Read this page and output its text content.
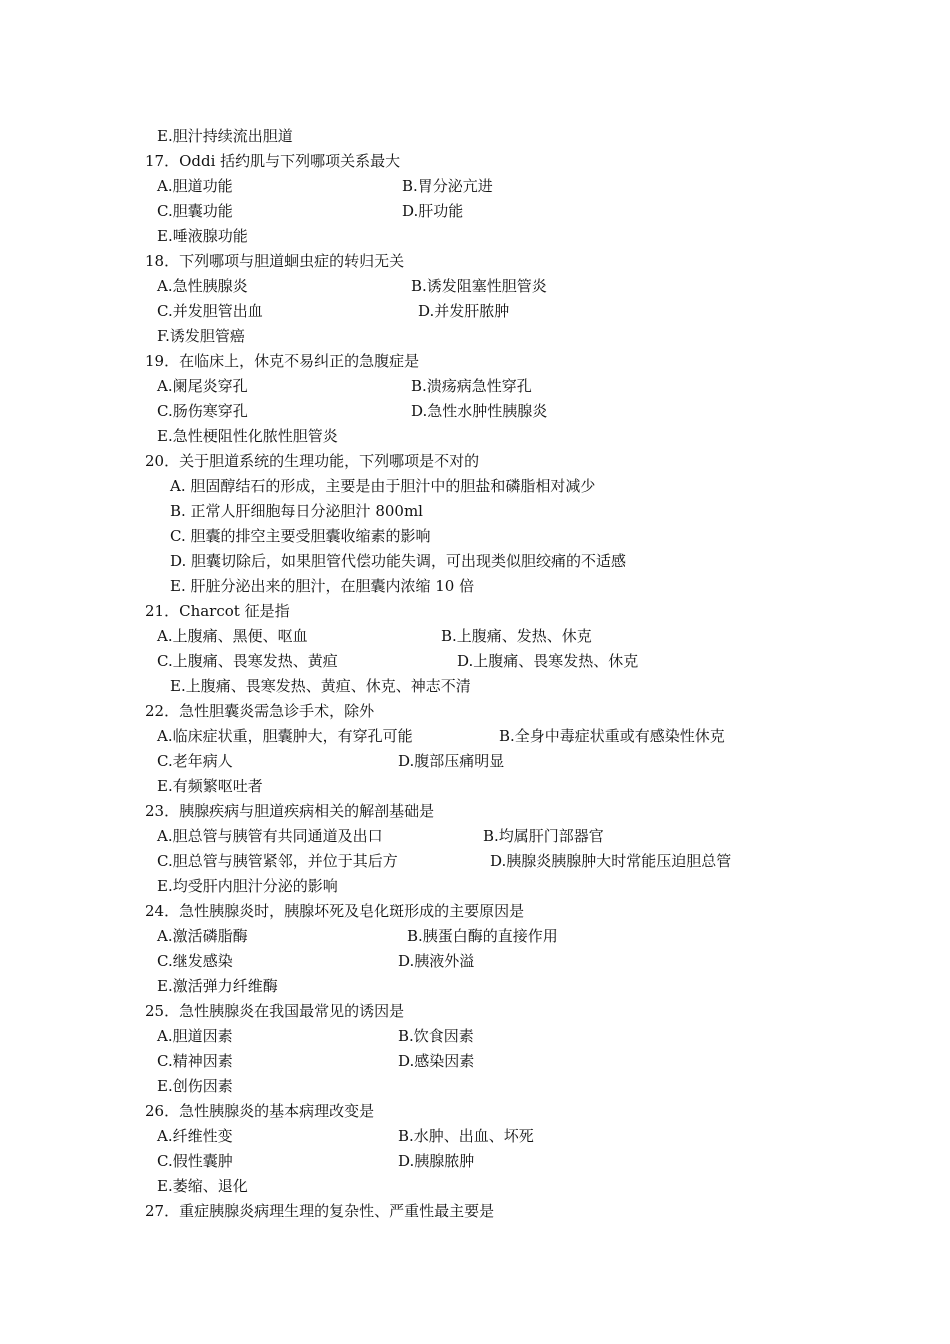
E.胆汁持续流出胆道
17．Oddi 括约肌与下列哪项关系最大
A.胆道功能	B.胃分泌亢进
C.胆囊功能	D.肝功能
E.唾液腺功能
18．下列哪项与胆道蛔虫症的转归无关
A.急性胰腺炎	B.诱发阻塞性胆管炎
C.并发胆管出血	D.并发肝脓肿
F.诱发胆管癌
19．在临床上，休克不易纠正的急腹症是
A.阑尾炎穿孔	B.溃疡病急性穿孔
C.肠伤寒穿孔	D.急性水肿性胰腺炎
E.急性梗阻性化脓性胆管炎
20．关于胆道系统的生理功能，下列哪项是不对的
A. 胆固醇结石的形成，主要是由于胆汁中的胆盐和磷脂相对减少
B. 正常人肝细胞每日分泌胆汁 800ml
C. 胆囊的排空主要受胆囊收缩素的影响
D. 胆囊切除后，如果胆管代偿功能失调，可出现类似胆绞痛的不适感
E. 肝脏分泌出来的胆汁，在胆囊内浓缩 10 倍
21．Charcot 征是指
A.上腹痛、黑便、呕血	B.上腹痛、发热、休克
C.上腹痛、畏寒发热、黄疸	D.上腹痛、畏寒发热、休克
E.上腹痛、畏寒发热、黄疸、休克、神志不清
22．急性胆囊炎需急诊手术，除外
A.临床症状重，胆囊肿大，有穿孔可能	B.全身中毒症状重或有感染性休克
C.老年病人	D.腹部压痛明显
E.有频繁呕吐者
23．胰腺疾病与胆道疾病相关的解剖基础是
A.胆总管与胰管有共同通道及出口	B.均属肝门部器官
C.胆总管与胰管紧邻，并位于其后方	D.胰腺炎胰腺肿大时常能压迫胆总管
E.均受肝内胆汁分泌的影响
24．急性胰腺炎时，胰腺坏死及皂化斑形成的主要原因是
A.激活磷脂酶	B.胰蛋白酶的直接作用
C.继发感染	D.胰液外溢
E.激活弹力纤维酶
25．急性胰腺炎在我国最常见的诱因是
A.胆道因素	B.饮食因素
C.精神因素	D.感染因素
E.创伤因素
26．急性胰腺炎的基本病理改变是
A.纤维性变	B.水肿、出血、坏死
C.假性囊肿	D.胰腺脓肿
E.萎缩、退化
27．重症胰腺炎病理生理的复杂性、严重性最主要是
